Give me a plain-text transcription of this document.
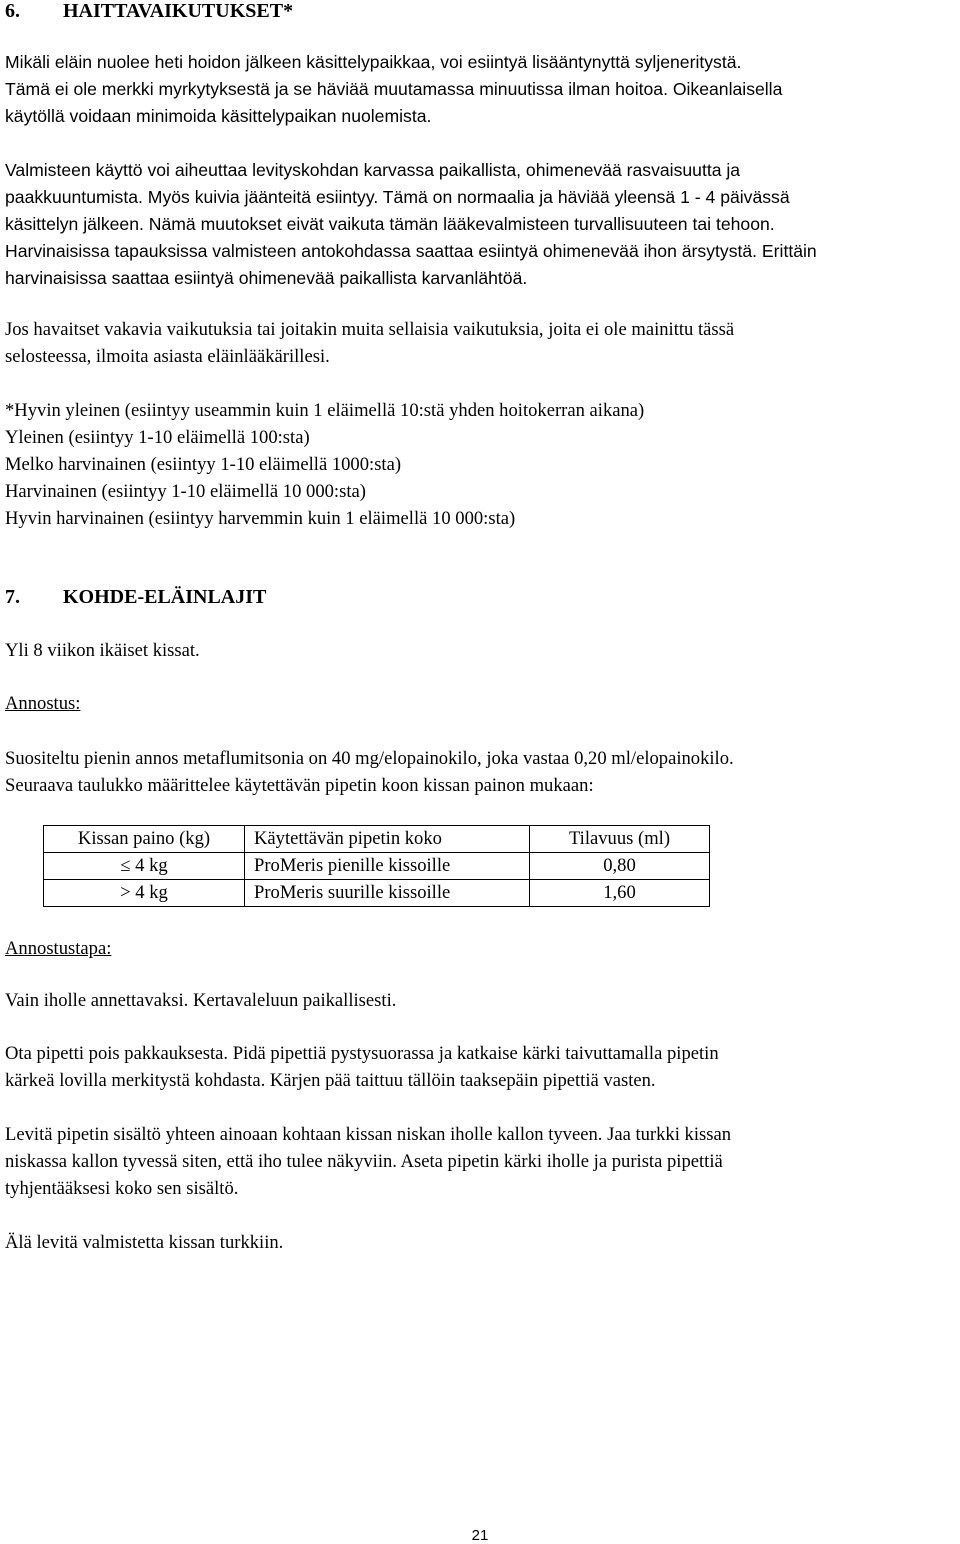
6. HAITTAVAIKUTUKSET*
Mikäli eläin nuolee heti hoidon jälkeen käsittelypaikkaa, voi esiintyä lisääntynyttä syljeneritystä.
Tämä ei ole merkki myrkytyksestä ja se häviää muutamassa minuutissa ilman hoitoa. Oikeanlaisella
käytöllä voidaan minimoida käsittelypaikan nuolemista.
Valmisteen käyttö voi aiheuttaa levityskohdan karvassa paikallista, ohimenevää rasvaisuutta ja
paakkuuntumista. Myös kuivia jäänteitä esiintyy. Tämä on normaalia ja häviää yleensä 1 - 4 päivässä
käsittelyn jälkeen. Nämä muutokset eivät vaikuta tämän lääkevalmisteen turvallisuuteen tai tehoon.
Harvinaisissa tapauksissa valmisteen antokohdassa saattaa esiintyä ohimenevää ihon ärsytystä. Erittäin
harvinaisissa saattaa esiintyä ohimenevää paikallista karvanlähtöä.
Jos havaitset vakavia vaikutuksia tai joitakin muita sellaisia vaikutuksia, joita ei ole mainittu tässä
selosteessa, ilmoita asiasta eläinlääkärillesi.
*Hyvin yleinen (esiintyy useammin kuin 1 eläimellä 10:stä yhden hoitokerran aikana)
Yleinen (esiintyy 1-10 eläimellä 100:sta)
Melko harvinainen (esiintyy 1-10 eläimellä 1000:sta)
Harvinainen (esiintyy 1-10 eläimellä 10 000:sta)
Hyvin harvinainen (esiintyy harvemmin kuin 1 eläimellä 10 000:sta)
7. KOHDE-ELÄINLAJIT
Yli 8 viikon ikäiset kissat.
Annostus:
Suositeltu pienin annos metaflumitsonia on 40 mg/elopainokilo, joka vastaa 0,20 ml/elopainokilo.
Seuraava taulukko määrittelee käytettävän pipetin koon kissan painon mukaan:
Kissan paino (kg)	Käytettävän pipetin koko	Tilavuus (ml)
≤ 4 kg	ProMeris pienille kissoille	0,80
> 4 kg	ProMeris suurille kissoille	1,60
Annostustapa:
Vain iholle annettavaksi. Kertavaleluun paikallisesti.
Ota pipetti pois pakkauksesta. Pidä pipettiä pystysuorassa ja katkaise kärki taivuttamalla pipetin
kärkeä lovilla merkitystä kohdasta. Kärjen pää taittuu tällöin taaksepäin pipettiä vasten.
Levitä pipetin sisältö yhteen ainoaan kohtaan kissan niskan iholle kallon tyveen. Jaa turkki kissan
niskassa kallon tyvessä siten, että iho tulee näkyviin. Aseta pipetin kärki iholle ja purista pipettiä
tyhjentääksesi koko sen sisältö.
Älä levitä valmistetta kissan turkkiin.
21
